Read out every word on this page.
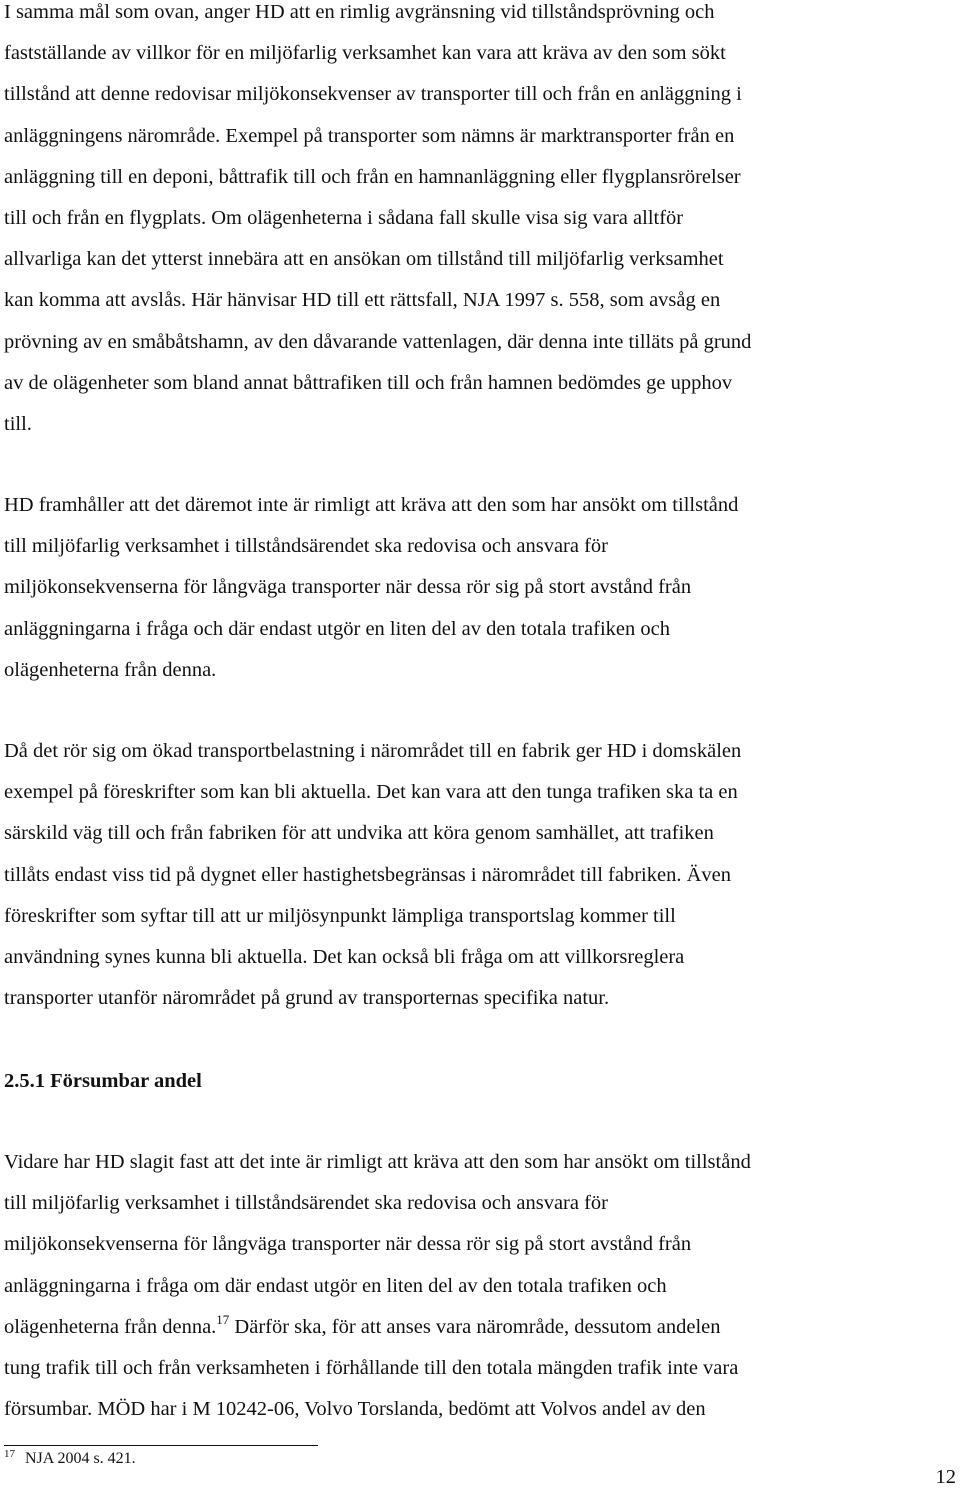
I samma mål som ovan, anger HD att en rimlig avgränsning vid tillståndsprövning och
fastställande av villkor för en miljöfarlig verksamhet kan vara att kräva av den som sökt
tillstånd att denne redovisar miljökonsekvenser av transporter till och från en anläggning i
anläggningens närområde. Exempel på transporter som nämns är marktransporter från en
anläggning till en deponi, båttrafik till och från en hamnanläggning eller flygplansrörelser
till och från en flygplats. Om olägenheterna i sådana fall skulle visa sig vara alltför
allvarliga kan det ytterst innebära att en ansökan om tillstånd till miljöfarlig verksamhet
kan komma att avslås. Här hänvisar HD till ett rättsfall, NJA 1997 s. 558, som avsåg en
prövning av en småbåtshamn, av den dåvarande vattenlagen, där denna inte tilläts på grund
av de olägenheter som bland annat båttrafiken till och från hamnen bedömdes ge upphov
till.
HD framhåller att det däremot inte är rimligt att kräva att den som har ansökt om tillstånd
till miljöfarlig verksamhet i tillståndsärendet ska redovisa och ansvara för
miljökonsekvenserna för långväga transporter när dessa rör sig på stort avstånd från
anläggningarna i fråga och där endast utgör en liten del av den totala trafiken och
olägenheterna från denna.
Då det rör sig om ökad transportbelastning i närområdet till en fabrik ger HD i domskälen
exempel på föreskrifter som kan bli aktuella. Det kan vara att den tunga trafiken ska ta en
särskild väg till och från fabriken för att undvika att köra genom samhället, att trafiken
tillåts endast viss tid på dygnet eller hastighetsbegränsas i närområdet till fabriken. Även
föreskrifter som syftar till att ur miljösynpunkt lämpliga transportslag kommer till
användning synes kunna bli aktuella. Det kan också bli fråga om att villkorsreglera
transporter utanför närområdet på grund av transporternas specifika natur.
2.5.1 Försumbar andel
Vidare har HD slagit fast att det inte är rimligt att kräva att den som har ansökt om tillstånd
till miljöfarlig verksamhet i tillståndsärendet ska redovisa och ansvara för
miljökonsekvenserna för långväga transporter när dessa rör sig på stort avstånd från
anläggningarna i fråga om där endast utgör en liten del av den totala trafiken och
olägenheterna från denna.$^{17}$ Därför ska, för att anses vara närområde, dessutom andelen
tung trafik till och från verksamheten i förhållande till den totala mängden trafik inte vara
försumbar. MÖD har i M 10242-06, Volvo Torslanda, bedömt att Volvos andel av den
$^{17}$ NJA 2004 s. 421.
12
